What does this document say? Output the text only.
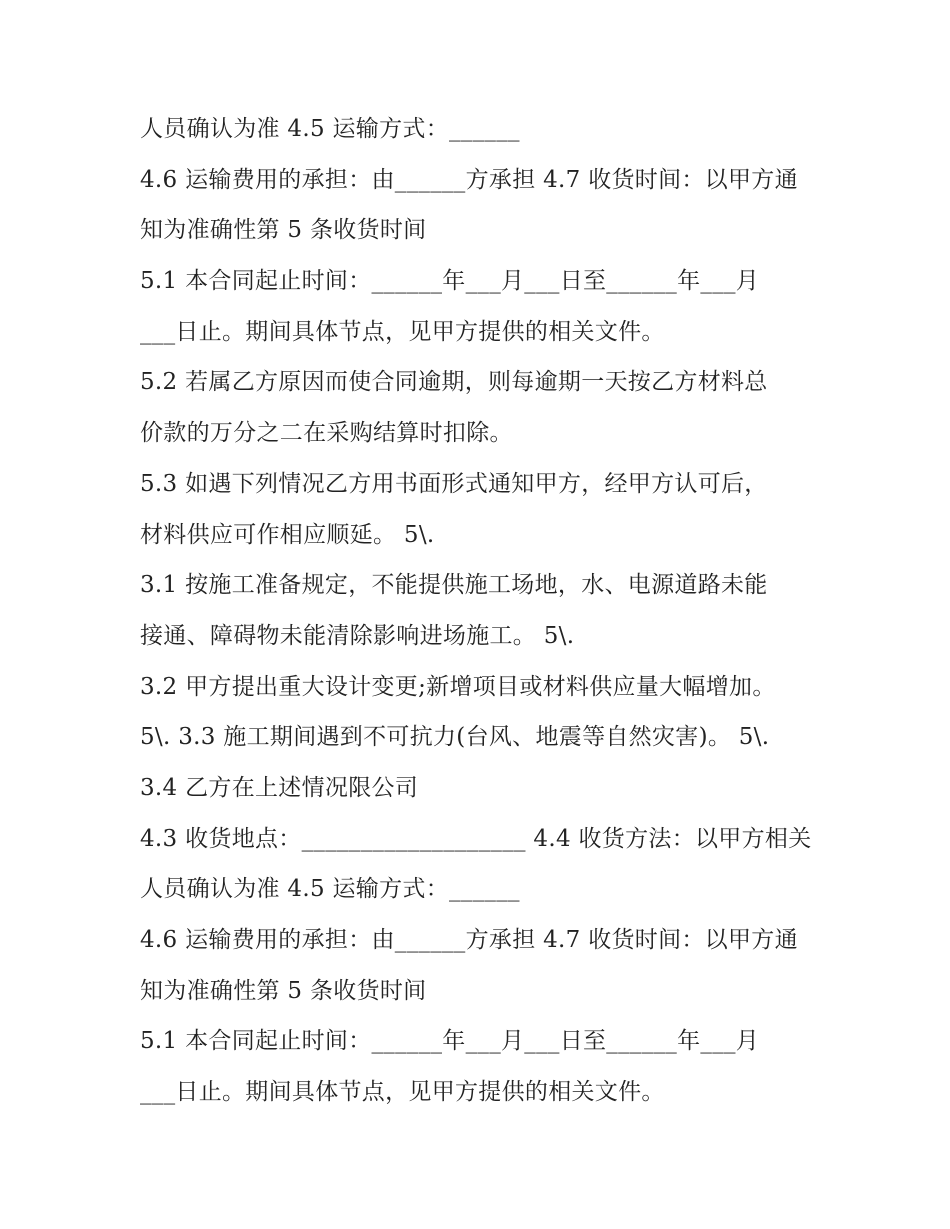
人员确认为准 4.5 运输方式：______
4.6 运输费用的承担：由______方承担 4.7 收货时间：以甲方通
知为准确性第 5 条收货时间
5.1 本合同起止时间：______年___月___日至______年___月
___日止。期间具体节点，见甲方提供的相关文件。
5.2 若属乙方原因而使合同逾期，则每逾期一天按乙方材料总
价款的万分之二在采购结算时扣除。
5.3 如遇下列情况乙方用书面形式通知甲方，经甲方认可后，
材料供应可作相应顺延。 5\.
3.1 按施工准备规定，不能提供施工场地，水、电源道路未能
接通、障碍物未能清除影响进场施工。 5\.
3.2 甲方提出重大设计变更;新增项目或材料供应量大幅增加。
5\. 3.3 施工期间遇到不可抗力(台风、地震等自然灾害)。 5\.
3.4 乙方在上述情况限公司
4.3 收货地点：___________________ 4.4 收货方法：以甲方相关
人员确认为准 4.5 运输方式：______
4.6 运输费用的承担：由______方承担 4.7 收货时间：以甲方通
知为准确性第 5 条收货时间
5.1 本合同起止时间：______年___月___日至______年___月
___日止。期间具体节点，见甲方提供的相关文件。
